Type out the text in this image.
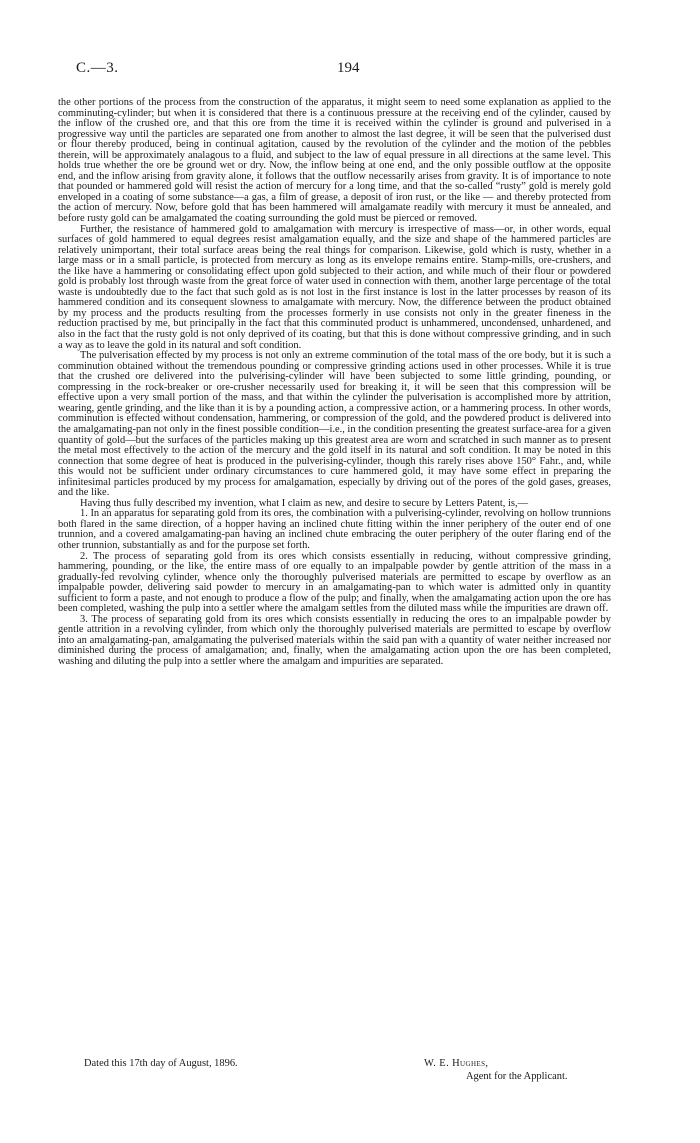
C.—3.	194

the other portions of the process from the construction of the apparatus, it might seem to need some explanation as applied to the comminuting-cylinder; but when it is considered that there is a continuous pressure at the receiving end of the cylinder, caused by the inflow of the crushed ore, and that this ore from the time it is received within the cylinder is ground and pulverised in a progressive way until the particles are separated one from another to almost the last degree, it will be seen that the pulverised dust or flour thereby produced, being in continual agitation, caused by the revolution of the cylinder and the motion of the pebbles therein, will be approximately analagous to a fluid, and subject to the law of equal pressure in all directions at the same level. This holds true whether the ore be ground wet or dry. Now, the inflow being at one end, and the only possible outflow at the opposite end, and the inflow arising from gravity alone, it follows that the outflow necessarily arises from gravity. It is of importance to note that pounded or hammered gold will resist the action of mercury for a long time, and that the so-called “rusty” gold is merely gold enveloped in a coating of some substance—a gas, a film of grease, a deposit of iron rust, or the like — and thereby protected from the action of mercury. Now, before gold that has been hammered will amalgamate readily with mercury it must be annealed, and before rusty gold can be amalgamated the coating surrounding the gold must be pierced or removed.

Further, the resistance of hammered gold to amalgamation with mercury is irrespective of mass—or, in other words, equal surfaces of gold hammered to equal degrees resist amalgamation equally, and the size and shape of the hammered particles are relatively unimportant, their total surface areas being the real things for comparison. Likewise, gold which is rusty, whether in a large mass or in a small particle, is protected from mercury as long as its envelope remains entire. Stamp-mills, ore-crushers, and the like have a hammering or consolidating effect upon gold subjected to their action, and while much of their flour or powdered gold is probably lost through waste from the great force of water used in connection with them, another large percentage of the total waste is undoubtedly due to the fact that such gold as is not lost in the first instance is lost in the latter processes by reason of its hammered condition and its consequent slowness to amalgamate with mercury. Now, the difference between the product obtained by my process and the products resulting from the processes formerly in use consists not only in the greater fineness in the reduction practised by me, but principally in the fact that this comminuted product is unhammered, uncondensed, unhardened, and also in the fact that the rusty gold is not only deprived of its coating, but that this is done without compressive grinding, and in such a way as to leave the gold in its natural and soft condition.

The pulverisation effected by my process is not only an extreme comminution of the total mass of the ore body, but it is such a comminution obtained without the tremendous pounding or compressive grinding actions used in other processes. While it is true that the crushed ore delivered into the pulverising-cylinder will have been subjected to some little grinding, pounding, or compressing in the rock-breaker or ore-crusher necessarily used for breaking it, it will be seen that this compression will be effective upon a very small portion of the mass, and that within the cylinder the pulverisation is accomplished more by attrition, wearing, gentle grinding, and the like than it is by a pounding action, a compressive action, or a hammering process. In other words, comminution is effected without condensation, hammering, or compression of the gold, and the powdered product is delivered into the amalgamating-pan not only in the finest possible condition—i.e., in the condition presenting the greatest surface-area for a given quantity of gold—but the surfaces of the particles making up this greatest area are worn and scratched in such manner as to present the metal most effectively to the action of the mercury and the gold itself in its natural and soft condition. It may be noted in this connection that some degree of heat is produced in the pulverising-cylinder, though this rarely rises above 150° Fahr., and, while this would not be sufficient under ordinary circumstances to cure hammered gold, it may have some effect in preparing the infinitesimal particles produced by my process for amalgamation, especially by driving out of the pores of the gold gases, greases, and the like.

Having thus fully described my invention, what I claim as new, and desire to secure by Letters Patent, is,—

1. In an apparatus for separating gold from its ores, the combination with a pulverising-cylinder, revolving on hollow trunnions both flared in the same direction, of a hopper having an inclined chute fitting within the inner periphery of the outer end of one trunnion, and a covered amalgamating-pan having an inclined chute embracing the outer periphery of the outer flaring end of the other trunnion, substantially as and for the purpose set forth.

2. The process of separating gold from its ores which consists essentially in reducing, without compressive grinding, hammering, pounding, or the like, the entire mass of ore equally to an impalpable powder by gentle attrition of the mass in a gradually-fed revolving cylinder, whence only the thoroughly pulverised materials are permitted to escape by overflow as an impalpable powder, delivering said powder to mercury in an amalgamating-pan to which water is admitted only in quantity sufficient to form a paste, and not enough to produce a flow of the pulp; and finally, when the amalgamating action upon the ore has been completed, washing the pulp into a settler where the amalgam settles from the diluted mass while the impurities are drawn off.

3. The process of separating gold from its ores which consists essentially in reducing the ores to an impalpable powder by gentle attrition in a revolving cylinder, from which only the thoroughly pulverised materials are permitted to escape by overflow into an amalgamating-pan, amalgamating the pulverised materials within the said pan with a quantity of water neither increased nor diminished during the process of amalgamation; and, finally, when the amalgamating action upon the ore has been completed, washing and diluting the pulp into a settler where the amalgam and impurities are separated.

Dated this 17th day of August, 1896.	W. E. Hughes,
Agent for the Applicant.
